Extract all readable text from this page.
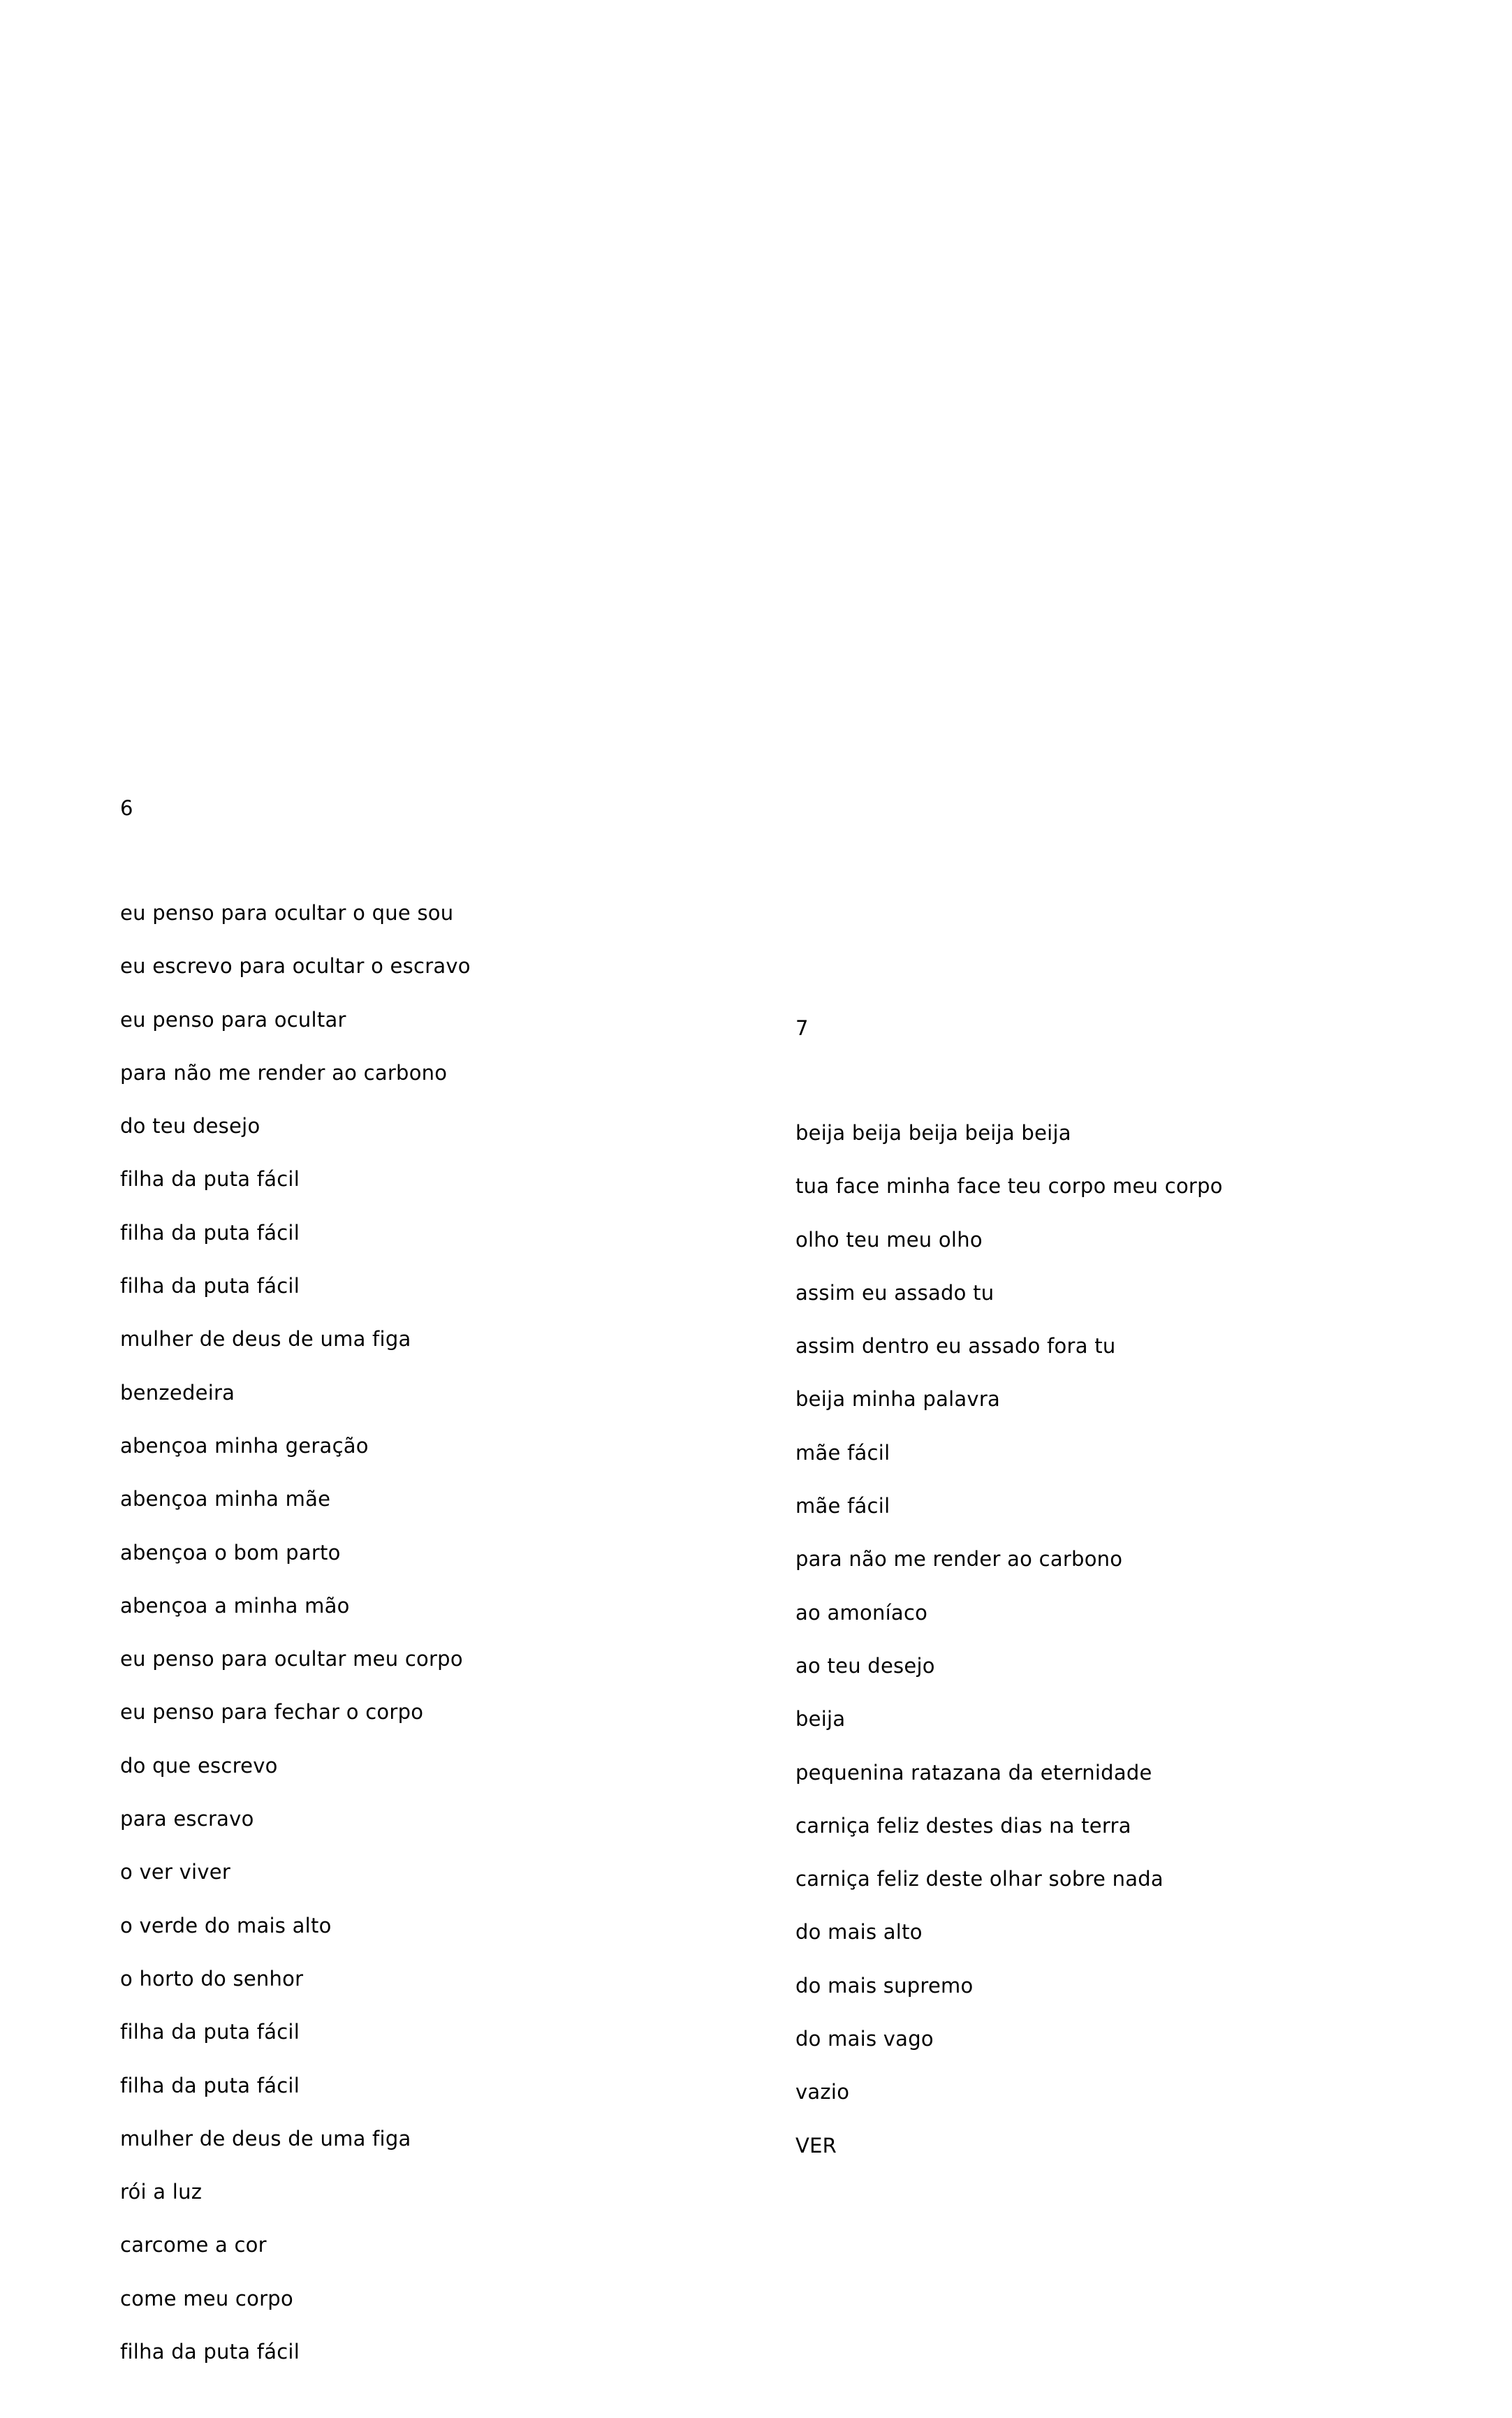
6

eu penso para ocultar o que sou

eu escrevo para ocultar o escravo

eu penso para ocultar

para não me render ao carbono

do teu desejo

filha da puta fácil

filha da puta fácil

filha da puta fácil

mulher de deus de uma figa

benzedeira

abençoa minha geração

abençoa minha mãe

abençoa o bom parto

abençoa a minha mão

eu penso para ocultar meu corpo

eu penso para fechar o corpo

do que escrevo

para escravo

o ver viver

o verde do mais alto

o horto do senhor

filha da puta fácil

filha da puta fácil

mulher de deus de uma figa

rói a luz

carcome a cor

come meu corpo

filha da puta fácil

7

beija beija beija beija beija

tua face minha face teu corpo meu corpo

olho teu meu olho

assim eu assado tu

assim dentro eu assado fora tu

beija minha palavra

mãe fácil

mãe fácil

para não me render ao carbono

ao amoníaco

ao teu desejo

beija

pequenina ratazana da eternidade

carniça feliz destes dias na terra

carniça feliz deste olhar sobre nada

do mais alto

do mais supremo

do mais vago

vazio

VER
